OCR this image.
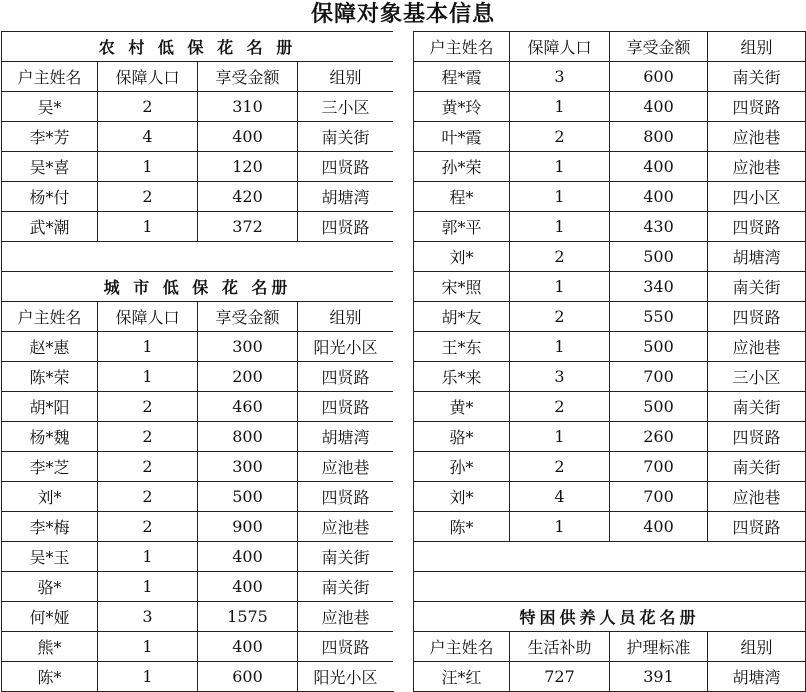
保障对象基本信息
农 村 低 保 花 名 册			
户主姓名	保障人口	享受金额	组别
吴*	2	310	三小区
李*芳	4	400	南关街
吴*喜	1	120	四贤路
杨*付	2	420	胡塘湾
武*潮	1	372	四贤路

城 市 低 保 花 名册			
户主姓名	保障人口	享受金额	组别
赵*惠	1	300	阳光小区
陈*荣	1	200	四贤路
胡*阳	2	460	四贤路
杨*魏	2	800	胡塘湾
李*芝	2	300	应池巷
刘*	2	500	四贤路
李*梅	2	900	应池巷
吴*玉	1	400	南关街
骆*	1	400	南关街
何*娅	3	1575	应池巷
熊*	1	400	四贤路
陈*	1	600	阳光小区
户主姓名	保障人口	享受金额	组别
程*霞	3	600	南关街
黄*玲	1	400	四贤路
叶*霞	2	800	应池巷
孙*荣	1	400	应池巷
程*	1	400	四小区
郭*平	1	430	四贤路
刘*	2	500	胡塘湾
宋*照	1	340	南关街
胡*友	2	550	四贤路
王*东	1	500	应池巷
乐*来	3	700	三小区
黄*	2	500	南关街
骆*	1	260	四贤路
孙*	2	700	南关街
刘*	4	700	应池巷
陈*	1	400	四贤路

特困供养人员花名册			
户主姓名	生活补助	护理标准	组别
汪*红	727	391	胡塘湾
